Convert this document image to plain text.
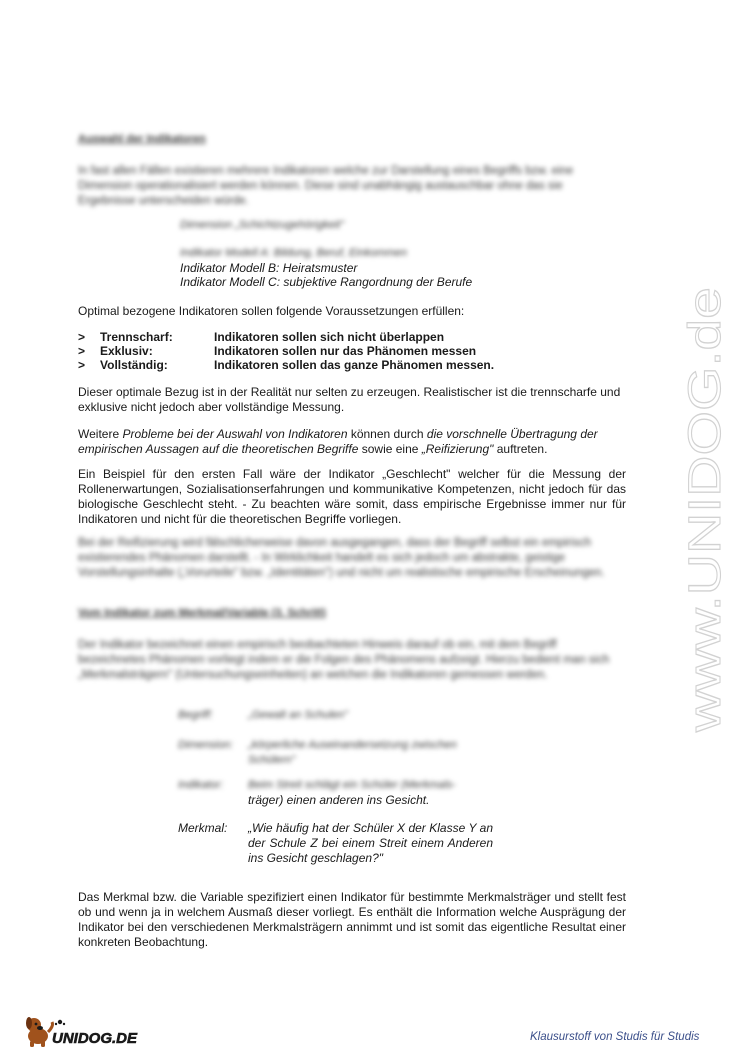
Auswahl der Indikatoren
In fast allen Fällen existieren mehrere Indikatoren welche zur Darstellung eines Begriffs bzw. eine Dimension operationalisiert werden können. Diese sind unabhängig austauschbar ohne das sie Ergebnisse unterscheiden würde.
Dimension „Schichtzugehörigkeit"
Indikator Modell A: Bildung, Beruf, Einkommen
Indikator Modell B: Heiratsmuster
Indikator Modell C: subjektive Rangordnung der Berufe
Optimal bezogene Indikatoren sollen folgende Voraussetzungen erfüllen:
> Trennscharf:	Indikatoren sollen sich nicht überlappen
> Exklusiv:	Indikatoren sollen nur das Phänomen messen
> Vollständig:	Indikatoren sollen das ganze Phänomen messen.
Dieser optimale Bezug ist in der Realität nur selten zu erzeugen. Realistischer ist die trennscharfe und exklusive nicht jedoch aber vollständige Messung.
Weitere Probleme bei der Auswahl von Indikatoren können durch die vorschnelle Übertragung der empirischen Aussagen auf die theoretischen Begriffe sowie eine „Reifizierung" auftreten.
Ein Beispiel für den ersten Fall wäre der Indikator „Geschlecht" welcher für die Messung der Rollenerwartungen, Sozialisationserfahrungen und kommunikative Kompetenzen, nicht jedoch für das biologische Geschlecht steht. - Zu beachten wäre somit, dass empirische Ergebnisse immer nur für Indikatoren und nicht für die theoretischen Begriffe vorliegen.
Bei der Reifizierung wird fälschlicherweise davon ausgegangen, dass der Begriff selbst ein empirisch existierendes Phänomen darstellt. - In Wirklichkeit handelt es sich jedoch um abstrakte, geistige Vorstellungsinhalte („Vorurteile" bzw. „Identitäten") und nicht um realistische empirische Erscheinungen.
Vom Indikator zum Merkmal/Variable (3. Schritt)
Der Indikator bezeichnet einen empirisch beobachteten Hinweis darauf ob ein, mit dem Begriff bezeichnetes Phänomen vorliegt indem er die Folgen des Phänomens aufzeigt. Hierzu bedient man sich „Merkmalsträgern" (Untersuchungseinheiten) an welchen die Indikatoren gemessen werden.
Begriff:	„Gewalt an Schulen"
Dimension: „körperliche Auseinandersetzung zwischen Schülern"
Indikator: Beim Streit schlägt ein Schüler (Merkmals-
träger) einen anderen ins Gesicht.
Merkmal: „Wie häufig hat der Schüler X der Klasse Y an der Schule Z bei einem Streit einem Anderen ins Gesicht geschlagen?"
Das Merkmal bzw. die Variable spezifiziert einen Indikator für bestimmte Merkmalsträger und stellt fest ob und wenn ja in welchem Ausmaß dieser vorliegt. Es enthält die Information welche Ausprägung der Indikator bei den verschiedenen Merkmalsträgern annimmt und ist somit das eigentliche Resultat einer konkreten Beobachtung.
www.UNIDOG.de
UNIDOG.DE	Klausurstoff von Studis für Studis
